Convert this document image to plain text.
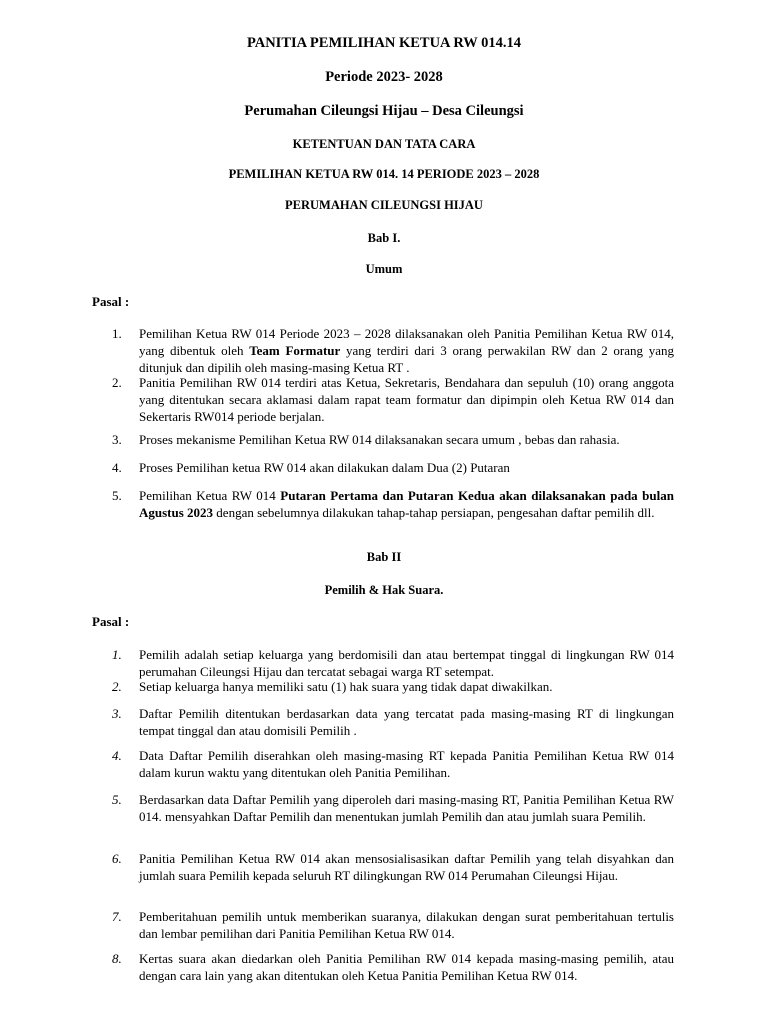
PANITIA PEMILIHAN KETUA RW 014.14
Periode 2023- 2028
Perumahan Cileungsi Hijau – Desa Cileungsi
KETENTUAN DAN TATA CARA
PEMILIHAN KETUA RW 014. 14 PERIODE 2023 – 2028
PERUMAHAN CILEUNGSI HIJAU
Bab I.
Umum
Pasal :
1.	Pemilihan Ketua RW 014 Periode 2023 – 2028 dilaksanakan oleh Panitia Pemilihan Ketua RW 014, yang dibentuk oleh Team Formatur yang terdiri dari 3 orang perwakilan RW dan 2 orang yang ditunjuk dan dipilih oleh masing-masing Ketua RT .
2.	Panitia Pemilihan RW 014 terdiri atas Ketua, Sekretaris, Bendahara dan sepuluh (10) orang anggota yang ditentukan secara aklamasi dalam rapat team formatur dan dipimpin oleh Ketua RW 014 dan Sekertaris RW014 periode berjalan.
3.	Proses mekanisme Pemilihan Ketua RW 014 dilaksanakan secara umum , bebas dan rahasia.
4.	Proses Pemilihan ketua RW 014 akan dilakukan dalam Dua (2) Putaran
5.	Pemilihan Ketua RW 014 Putaran Pertama dan Putaran Kedua akan dilaksanakan pada bulan Agustus 2023 dengan sebelumnya dilakukan tahap-tahap persiapan, pengesahan daftar pemilih dll.
Bab II
Pemilih & Hak Suara.
Pasal :
1.	Pemilih adalah setiap keluarga yang berdomisili dan atau bertempat tinggal di lingkungan RW 014 perumahan Cileungsi Hijau dan tercatat sebagai warga RT setempat.
2.	Setiap keluarga hanya memiliki satu (1) hak suara yang tidak dapat diwakilkan.
3.	Daftar Pemilih ditentukan berdasarkan data yang tercatat pada masing-masing RT di lingkungan tempat tinggal dan atau domisili Pemilih .
4.	Data Daftar Pemilih diserahkan oleh masing-masing RT kepada Panitia Pemilihan Ketua RW 014 dalam kurun waktu yang ditentukan oleh Panitia Pemilihan.
5.	Berdasarkan data Daftar Pemilih yang diperoleh dari masing-masing RT, Panitia Pemilihan Ketua RW 014. mensyahkan Daftar Pemilih dan menentukan jumlah Pemilih dan atau jumlah suara Pemilih.
6.	Panitia Pemilihan Ketua RW 014 akan mensosialisasikan daftar Pemilih yang telah disyahkan dan jumlah suara Pemilih kepada seluruh RT dilingkungan RW 014 Perumahan Cileungsi Hijau.
7.	Pemberitahuan pemilih untuk memberikan suaranya, dilakukan dengan surat pemberitahuan tertulis dan lembar pemilihan dari Panitia Pemilihan Ketua RW 014.
8.	Kertas suara akan diedarkan oleh Panitia Pemilihan RW 014 kepada masing-masing pemilih, atau dengan cara lain yang akan ditentukan oleh Ketua Panitia Pemilihan Ketua RW 014.
